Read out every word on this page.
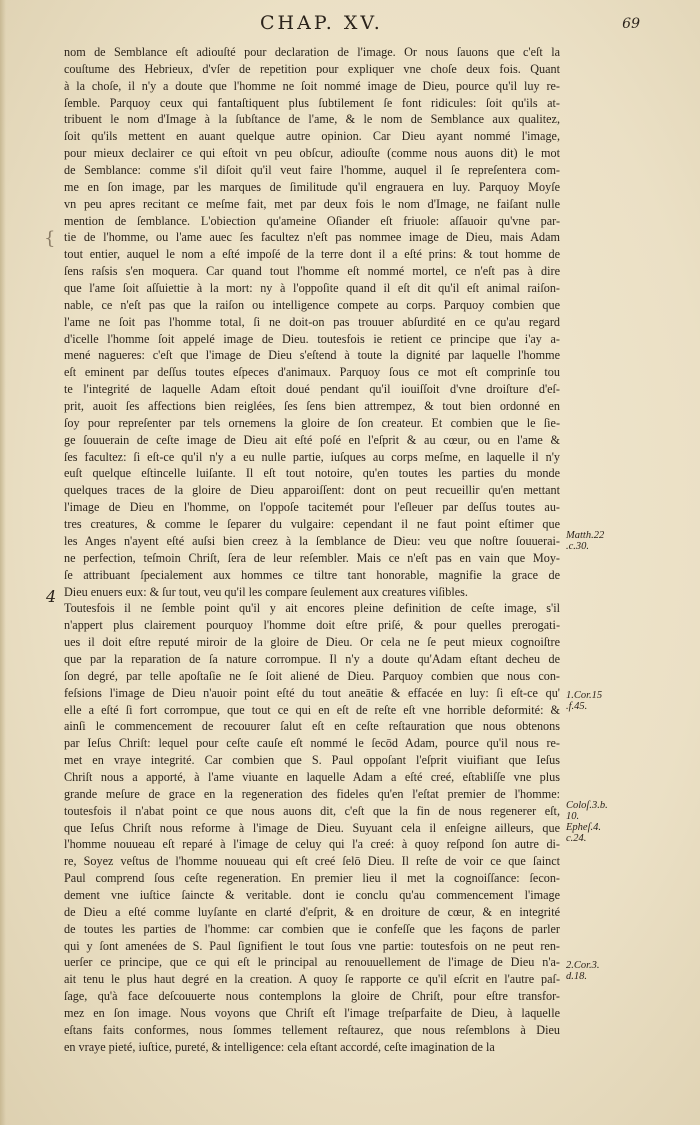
CHAP. XV.	69
{
nom de Semblance eſt adiouſté pour declaration de l'image. Or nous ſauons que c'eſt la
couſtume des Hebrieux, d'vſer de repetition pour expliquer vne choſe deux fois. Quant
à la choſe, il n'y a doute que l'homme ne ſoit nommé image de Dieu, pource qu'il luy re-
ſemble. Parquoy ceux qui fantaſtiquent plus ſubtilement ſe font ridicules: ſoit qu'ils at-
tribuent le nom d'Image à la ſubſtance de l'ame, & le nom de Semblance aux qualitez,
ſoit qu'ils mettent en auant quelque autre opinion. Car Dieu ayant nommé l'image,
pour mieux declairer ce qui eſtoit vn peu obſcur, adiouſte (comme nous auons dit) le mot
de Semblance: comme s'il diſoit qu'il veut faire l'homme, auquel il ſe repreſentera com-
me en ſon image, par les marques de ſimilitude qu'il engrauera en luy. Parquoy Moyſe
vn peu apres recitant ce meſme fait, met par deux fois le nom d'Image, ne faiſant nulle
mention de ſemblance. L'obiection qu'ameine Oſiander eſt friuole: aſſauoir qu'vne par-
tie de l'homme, ou l'ame auec ſes facultez n'eſt pas nommee image de Dieu, mais Adam
tout entier, auquel le nom a eſté impoſé de la terre dont il a eſté prins: & tout homme de
ſens raſsis s'en moquera. Car quand tout l'homme eſt nommé mortel, ce n'eſt pas à dire
que l'ame ſoit aſſuiettie à la mort: ny à l'oppoſite quand il eſt dit qu'il eſt animal raiſon-
nable, ce n'eſt pas que la raiſon ou intelligence compete au corps. Parquoy combien que
l'ame ne ſoit pas l'homme total, ſi ne doit-on pas trouuer abſurdité en ce qu'au regard
d'icelle l'homme ſoit appelé image de Dieu. toutesfois ie retient ce principe que i'ay a-
mené nagueres: c'eſt que l'image de Dieu s'eſtend à toute la dignité par laquelle l'homme
eſt eminent par deſſus toutes eſpeces d'animaux. Parquoy ſous ce mot eſt comprinſe tou
te l'integrité de laquelle Adam eſtoit doué pendant qu'il iouiſſoit d'vne droiſture d'eſ-
prit, auoit ſes affections bien reiglées, ſes ſens bien attrempez, & tout bien ordonné en
ſoy pour repreſenter par tels ornemens la gloire de ſon createur. Et combien que le ſie-
ge ſouuerain de ceſte image de Dieu ait eſté poſé en l'eſprit & au cœur, ou en l'ame &
ſes facultez: ſi eſt-ce qu'il n'y a eu nulle partie, iuſques au corps meſme, en laquelle il n'y
euſt quelque eſtincelle luiſante. Il eſt tout notoire, qu'en toutes les parties du monde
quelques traces de la gloire de Dieu apparoiſſent: dont on peut recueillir qu'en mettant
l'image de Dieu en l'homme, on l'oppoſe tacitemét pour l'eſleuer par deſſus toutes au-
tres creatures, & comme le ſeparer du vulgaire: cependant il ne faut point eſtimer que
les Anges n'ayent eſté auſsi bien creez à la ſemblance de Dieu: veu que noſtre ſouuerai-
ne perfection, teſmoin Chriſt, ſera de leur reſembler. Mais ce n'eſt pas en vain que Moy-
ſe attribuant ſpecialement aux hommes ce tiltre tant honorable, magnifie la grace de
Dieu enuers eux: & ſur tout, veu qu'il les compare ſeulement aux creatures viſibles.
Toutesfois il ne ſemble point qu'il y ait encores pleine definition de ceſte image, s'il
n'appert plus clairement pourquoy l'homme doit eſtre priſé, & pour quelles prerogati-
ues il doit eſtre reputé miroir de la gloire de Dieu. Or cela ne ſe peut mieux cognoiſtre
que par la reparation de ſa nature corrompue. Il n'y a doute qu'Adam eſtant decheu de
ſon degré, par telle apoſtaſie ne ſe ſoit aliené de Dieu. Parquoy combien que nous con-
feſsions l'image de Dieu n'auoir point eſté du tout aneātie & effacée en luy: ſi eſt-ce qu'
elle a eſté ſi fort corrompue, que tout ce qui en eſt de reſte eſt vne horrible deformité: &
ainſi le commencement de recouurer ſalut eſt en ceſte reſtauration que nous obtenons
par Ieſus Chriſt: lequel pour ceſte cauſe eſt nommé le ſecōd Adam, pource qu'il nous re-
met en vraye integrité. Car combien que S. Paul oppoſant l'eſprit viuifiant que Ieſus
Chriſt nous a apporté, à l'ame viuante en laquelle Adam a eſté creé, eſtabliſſe vne plus
grande meſure de grace en la regeneration des fideles qu'en l'eſtat premier de l'homme:
toutesfois il n'abat point ce que nous auons dit, c'eſt que la fin de nous regenerer eſt,
que Ieſus Chriſt nous reforme à l'image de Dieu. Suyuant cela il enſeigne ailleurs, que
l'homme nouueau eſt reparé à l'image de celuy qui l'a creé: à quoy reſpond ſon autre di-
re, Soyez veſtus de l'homme nouueau qui eſt creé ſelō Dieu. Il reſte de voir ce que ſainct
Paul comprend ſous ceſte regeneration. En premier lieu il met la cognoiſſance: ſecon-
dement vne iuſtice ſaincte & veritable. dont ie conclu qu'au commencement l'image
de Dieu a eſté comme luyſante en clarté d'eſprit, & en droiture de cœur, & en integrité
de toutes les parties de l'homme: car combien que ie confeſſe que les façons de parler
qui y ſont amenées de S. Paul ſignifient le tout ſous vne partie: toutesfois on ne peut ren-
uerſer ce principe, que ce qui eſt le principal au renouuellement de l'image de Dieu n'a-
ait tenu le plus haut degré en la creation. A quoy ſe rapporte ce qu'il eſcrit en l'autre paſ-
ſage, qu'à face deſcouuerte nous contemplons la gloire de Chriſt, pour eſtre transfor-
mez en ſon image. Nous voyons que Chriſt eſt l'image treſparfaite de Dieu, à laquelle
eſtans faits conformes, nous ſommes tellement reſtaurez, que nous reſemblons à Dieu
en vraye pieté, iuſtice, pureté, & intelligence: cela eſtant accordé, ceſte imagination de la
4
Matth.22
.c.30.
1.Cor.15
.f.45.
Coloſ.3.b.
10.
Epheſ.4.
c.24.
2.Cor.3.
d.18.
